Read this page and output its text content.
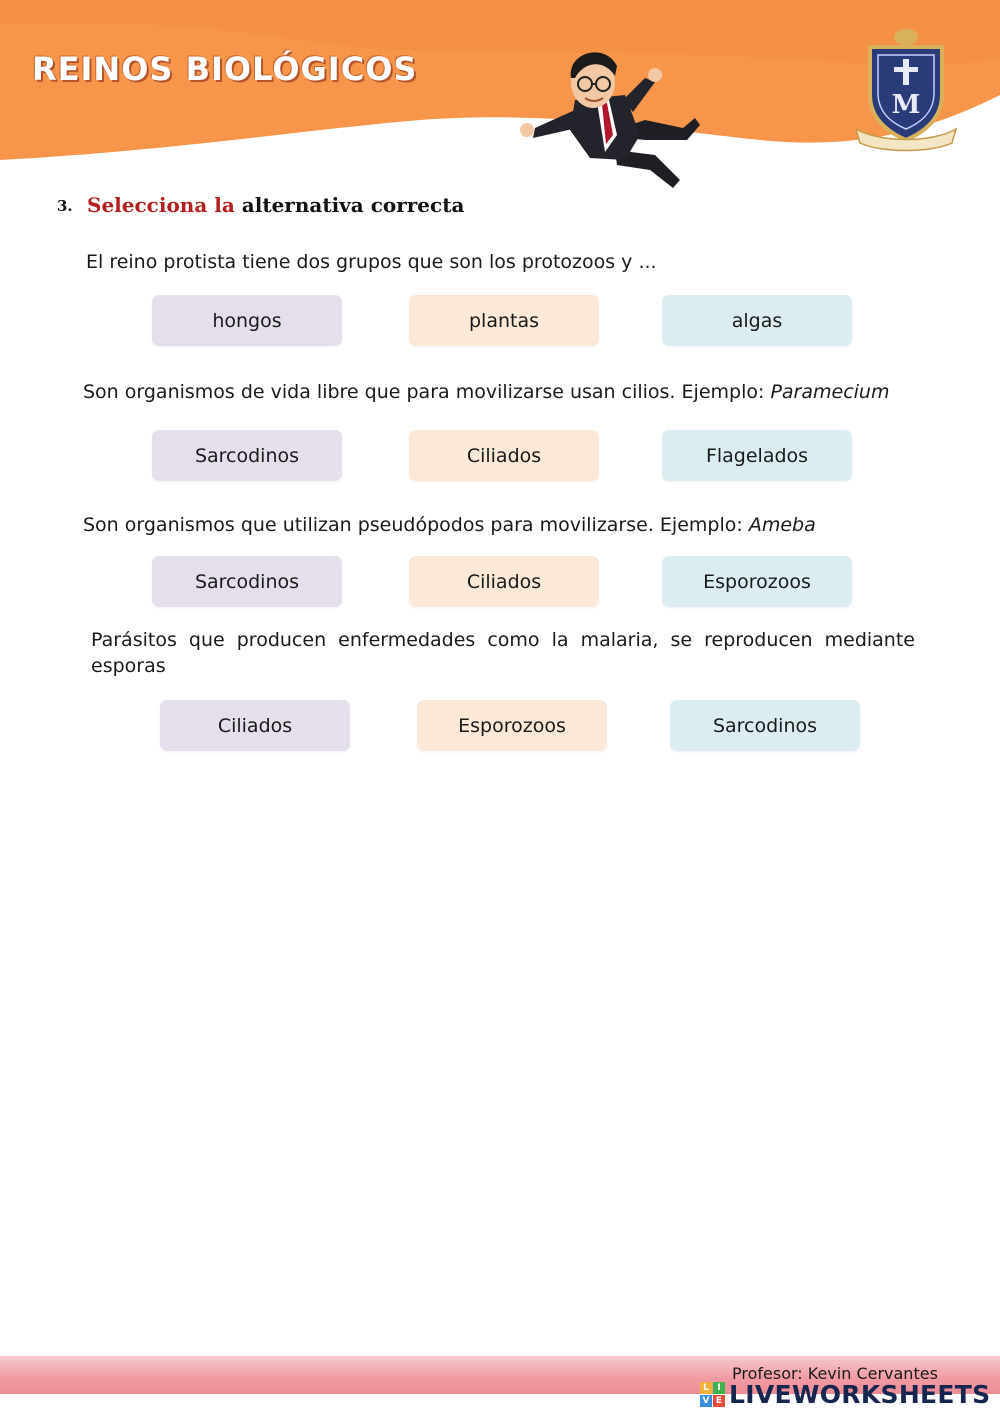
REINOS BIOLÓGICOS
M
3. Selecciona la alternativa correcta
El reino protista tiene dos grupos que son los protozoos y ...
hongos	plantas	algas
Son organismos de vida libre que para movilizarse usan cilios. Ejemplo: Paramecium
Sarcodinos	Ciliados	Flagelados
Son organismos que utilizan pseudópodos para movilizarse. Ejemplo: Ameba
Sarcodinos	Ciliados	Esporozoos
Parásitos que producen enfermedades como la malaria, se reproducen mediante esporas
Ciliados	Esporozoos	Sarcodinos
Profesor: Kevin Cervantes
L I
V E LIVEWORKSHEETS
